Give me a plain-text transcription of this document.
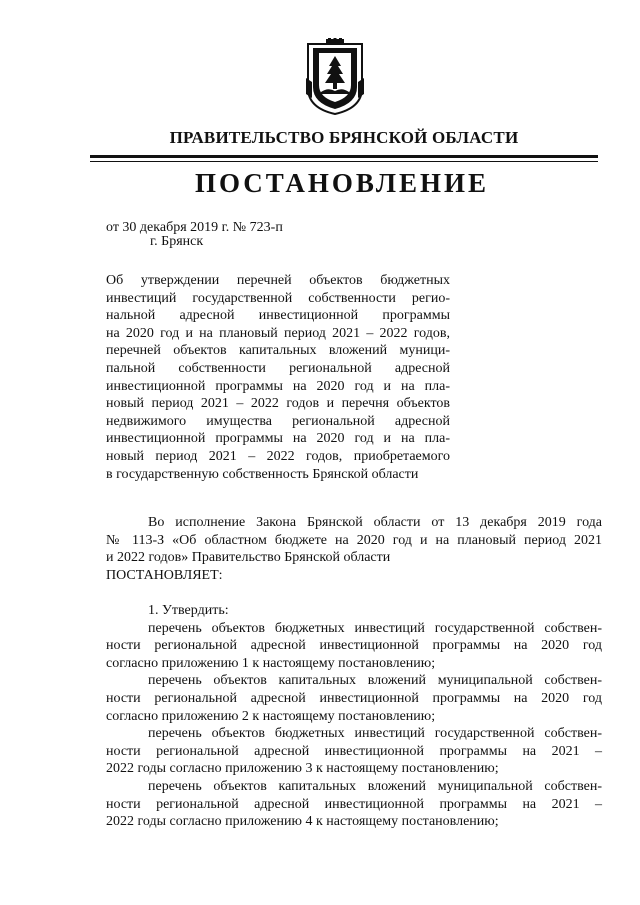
ПРАВИТЕЛЬСТВО БРЯНСКОЙ ОБЛАСТИ
ПОСТАНОВЛЕНИЕ
от 30 декабря 2019 г. № 723-п
г. Брянск
Об утверждении перечней объектов бюджетных
инвестиций государственной собственности регио-
нальной адресной инвестиционной программы
на 2020 год и на плановый период 2021 – 2022 годов,
перечней объектов капитальных вложений муници-
пальной собственности региональной адресной
инвестиционной программы на 2020 год и на пла-
новый период 2021 – 2022 годов и перечня объектов
недвижимого имущества региональной адресной
инвестиционной программы на 2020 год и на пла-
новый период 2021 – 2022 годов, приобретаемого
в государственную собственность Брянской области
Во исполнение Закона Брянской области от 13 декабря 2019 года
№ 113-З «Об областном бюджете на 2020 год и на плановый период 2021
и 2022 годов» Правительство Брянской области
ПОСТАНОВЛЯЕТ:
1. Утвердить:
перечень объектов бюджетных инвестиций государственной собствен-
ности региональной адресной инвестиционной программы на 2020 год
согласно приложению 1 к настоящему постановлению;
перечень объектов капитальных вложений муниципальной собствен-
ности региональной адресной инвестиционной программы на 2020 год
согласно приложению 2 к настоящему постановлению;
перечень объектов бюджетных инвестиций государственной собствен-
ности региональной адресной инвестиционной программы на 2021 –
2022 годы согласно приложению 3 к настоящему постановлению;
перечень объектов капитальных вложений муниципальной собствен-
ности региональной адресной инвестиционной программы на 2021 –
2022 годы согласно приложению 4 к настоящему постановлению;
